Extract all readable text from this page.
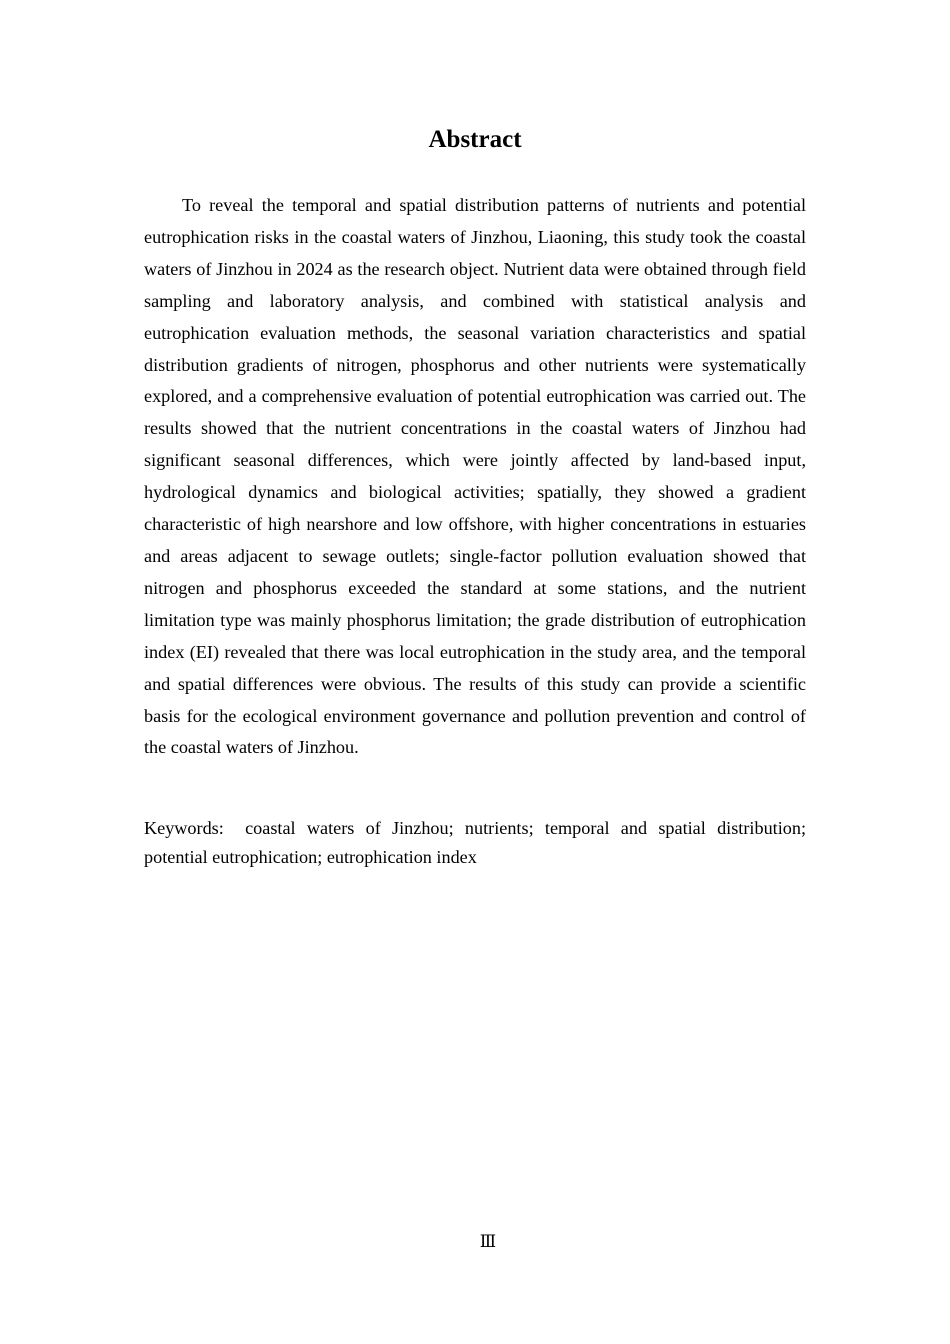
Abstract

To reveal the temporal and spatial distribution patterns of nutrients and potential eutrophication risks in the coastal waters of Jinzhou, Liaoning, this study took the coastal waters of Jinzhou in 2024 as the research object. Nutrient data were obtained through field sampling and laboratory analysis, and combined with statistical analysis and eutrophication evaluation methods, the seasonal variation characteristics and spatial distribution gradients of nitrogen, phosphorus and other nutrients were systematically explored, and a comprehensive evaluation of potential eutrophication was carried out. The results showed that the nutrient concentrations in the coastal waters of Jinzhou had significant seasonal differences, which were jointly affected by land-based input, hydrological dynamics and biological activities; spatially, they showed a gradient characteristic of high nearshore and low offshore, with higher concentrations in estuaries and areas adjacent to sewage outlets; single-factor pollution evaluation showed that nitrogen and phosphorus exceeded the standard at some stations, and the nutrient limitation type was mainly phosphorus limitation; the grade distribution of eutrophication index (EI) revealed that there was local eutrophication in the study area, and the temporal and spatial differences were obvious. The results of this study can provide a scientific basis for the ecological environment governance and pollution prevention and control of the coastal waters of Jinzhou.

Keywords: coastal waters of Jinzhou; nutrients; temporal and spatial distribution; potential eutrophication; eutrophication index

Ⅲ
